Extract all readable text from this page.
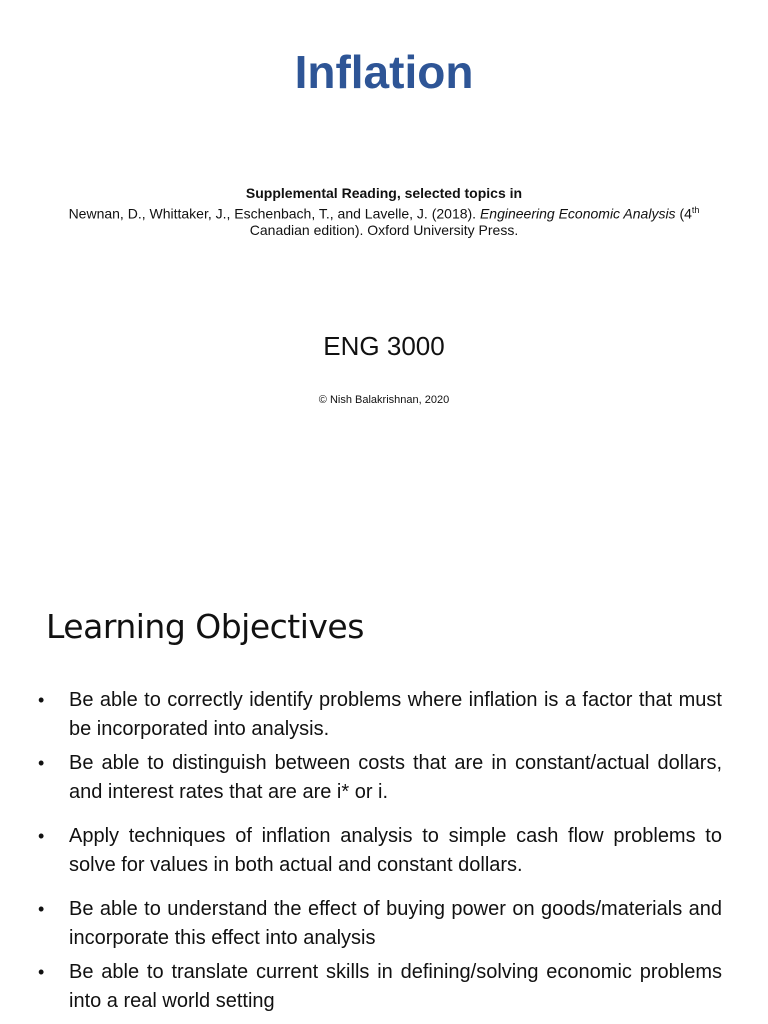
Inflation
Supplemental Reading, selected topics in
Newnan, D., Whittaker, J., Eschenbach, T., and Lavelle, J. (2018). Engineering Economic Analysis (4th Canadian edition). Oxford University Press.
ENG 3000
© Nish Balakrishnan, 2020
Learning Objectives
• Be able to correctly identify problems where inflation is a factor that must be incorporated into analysis.
• Be able to distinguish between costs that are in constant/actual dollars, and interest rates that are are i* or i.
• Apply techniques of inflation analysis to simple cash flow problems to solve for values in both actual and constant dollars.
• Be able to understand the effect of buying power on goods/materials and incorporate this effect into analysis
• Be able to translate current skills in defining/solving economic problems into a real world setting
